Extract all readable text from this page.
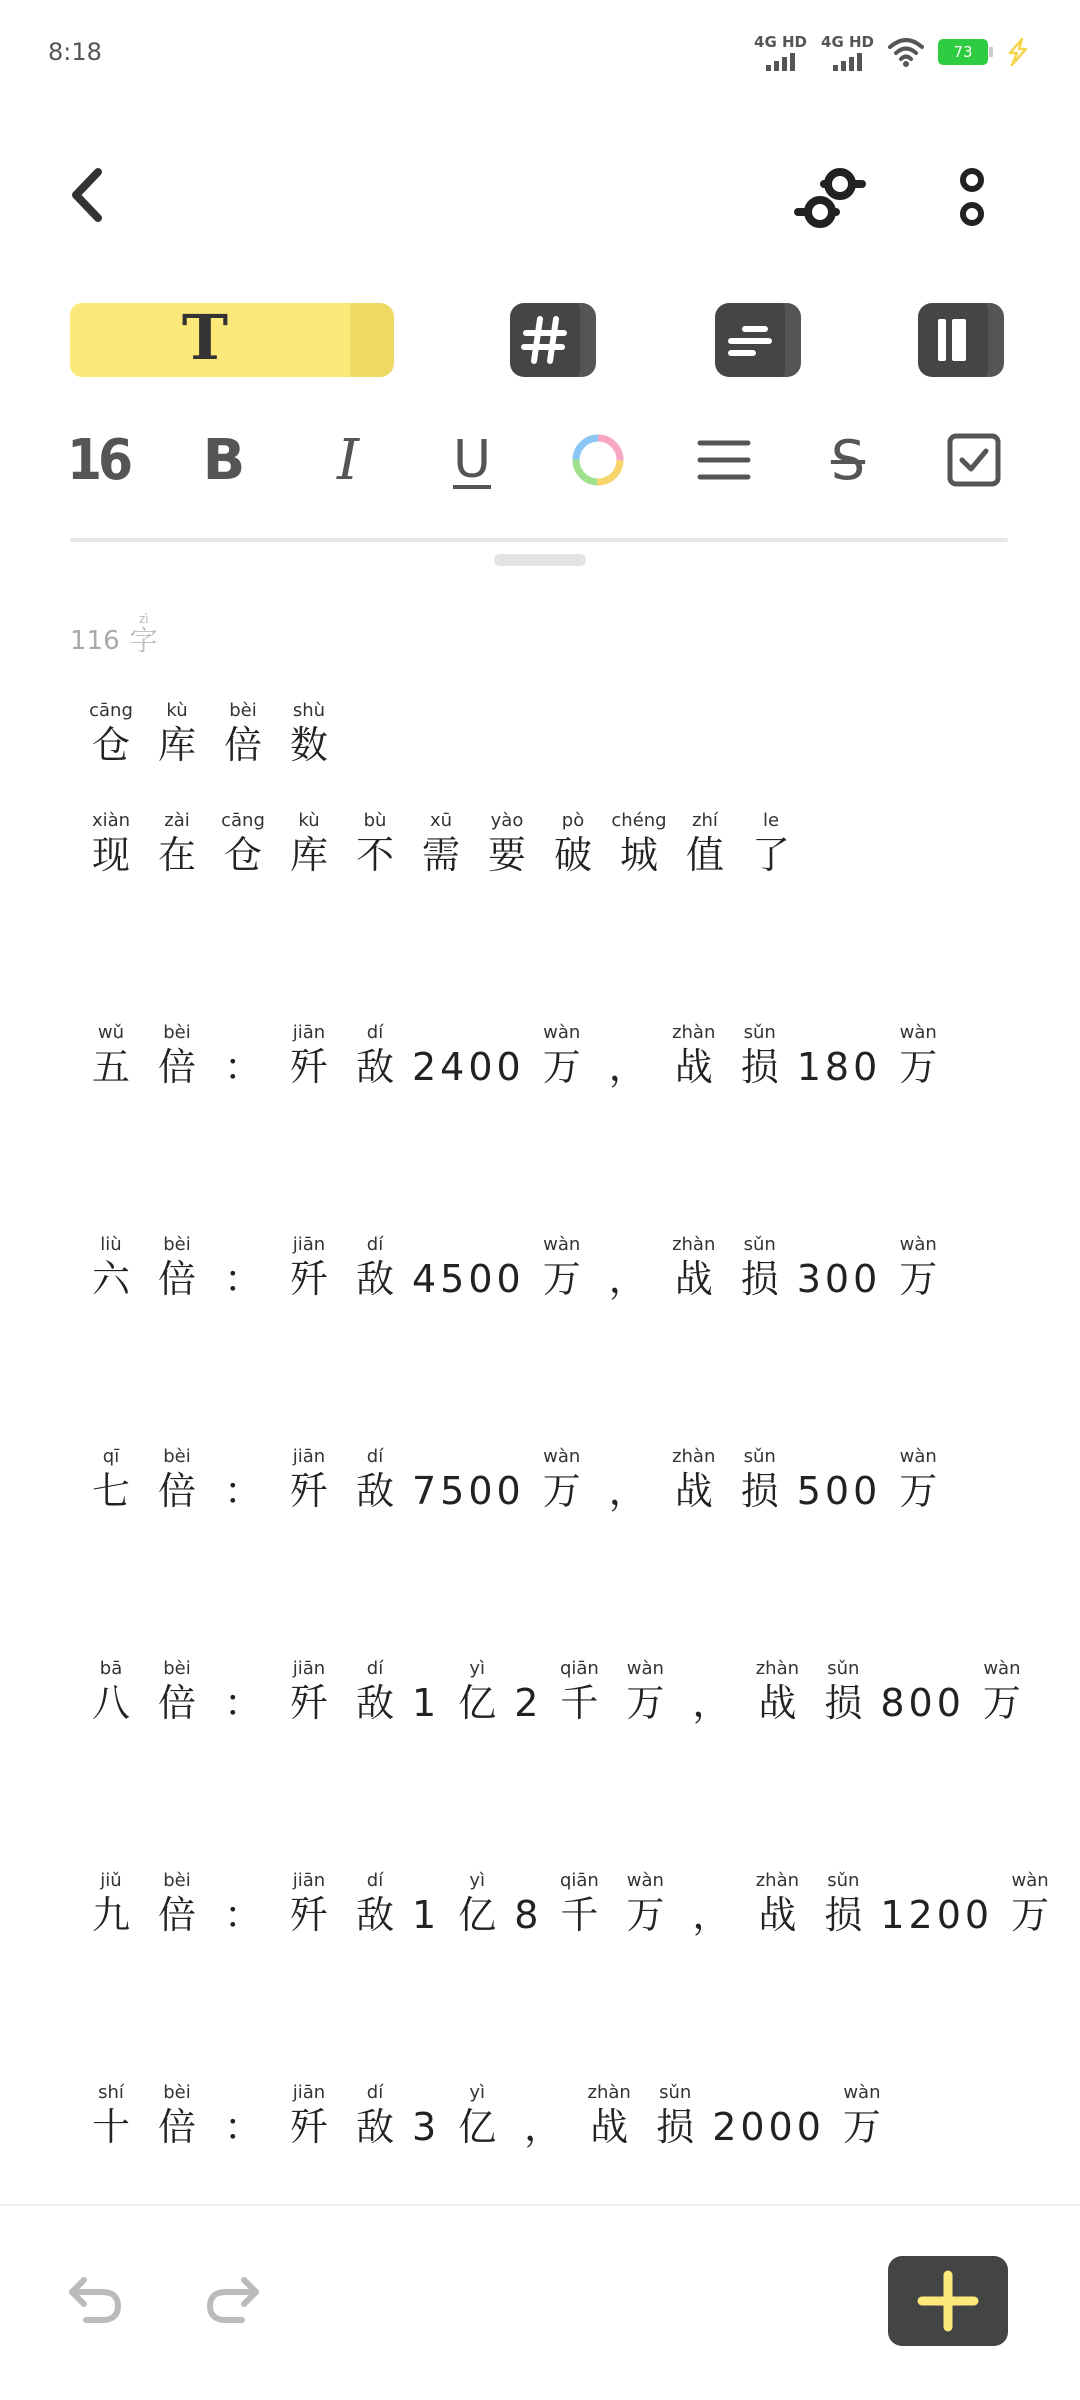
8:18	4G HD 4G HD
73
T
16	B	I	U	S
116
zì
字
cāng
仓
kù
库
bèi
倍
shù
数
xiàn
现
zài
在
cāng
仓
kù
库
bù
不
xū
需
yào
要
pò
破
chéng
城
zhí
值
le
了
wǔ
五
bèi
倍 ：
jiān
歼
dí
敌 2400
wàn
万 ，
zhàn
战
sǔn
损 180
wàn
万
liù
六
bèi
倍 ：
jiān
歼
dí
敌 4500
wàn
万 ，
zhàn
战
sǔn
损 300
wàn
万
qī
七
bèi
倍 ：
jiān
歼
dí
敌 7500
wàn
万 ，
zhàn
战
sǔn
损 500
wàn
万
bā
八
bèi
倍 ：
jiān
歼
dí
敌 1
yì
亿 2
qiān
千
wàn
万 ，
zhàn
战
sǔn
损 800
wàn
万
jiǔ
九
bèi
倍 ：
jiān
歼
dí
敌 1
yì
亿 8
qiān
千
wàn
万 ，
zhàn
战
sǔn
损 1200
wàn
万
shí
十
bèi
倍 ：
jiān
歼
dí
敌 3
yì
亿 ，
zhàn
战
sǔn
损 2000
wàn
万
